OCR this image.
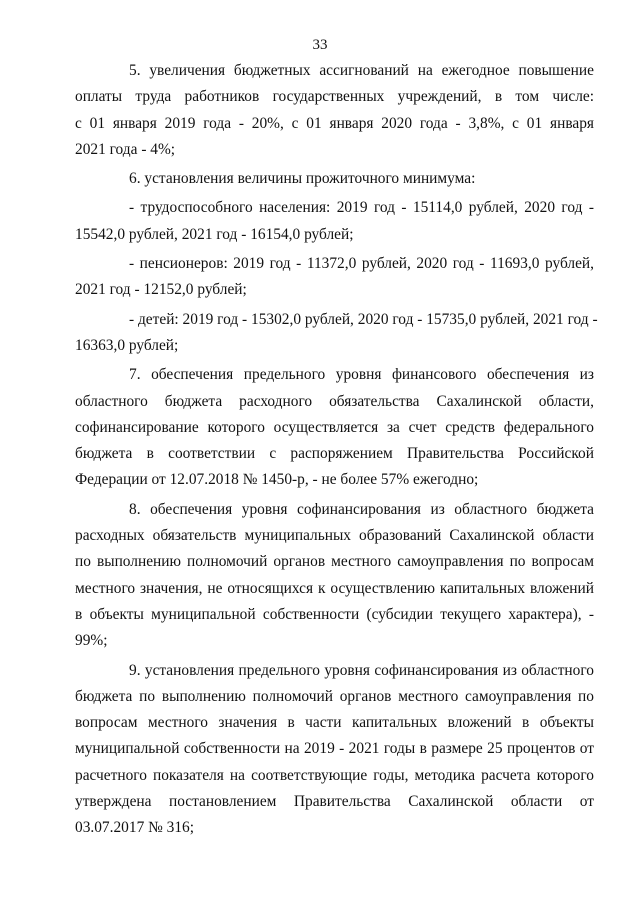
33
5. увеличения бюджетных ассигнований на ежегодное повышение
оплаты труда работников государственных учреждений, в том числе:
с 01 января 2019 года - 20%, с 01 января 2020 года - 3,8%, с 01 января
2021 года - 4%;
6. установления величины прожиточного минимума:
- трудоспособного населения: 2019 год - 15114,0 рублей, 2020 год -
15542,0 рублей, 2021 год - 16154,0 рублей;
- пенсионеров: 2019 год - 11372,0 рублей, 2020 год - 11693,0 рублей,
2021 год - 12152,0 рублей;
- детей: 2019 год - 15302,0 рублей, 2020 год - 15735,0 рублей, 2021 год -
16363,0 рублей;
7. обеспечения предельного уровня финансового обеспечения из
областного бюджета расходного обязательства Сахалинской области,
софинансирование которого осуществляется за счет средств федерального
бюджета в соответствии с распоряжением Правительства Российской
Федерации от 12.07.2018 № 1450-р, - не более 57% ежегодно;
8. обеспечения уровня софинансирования из областного бюджета
расходных обязательств муниципальных образований Сахалинской области
по выполнению полномочий органов местного самоуправления по вопросам
местного значения, не относящихся к осуществлению капитальных вложений
в объекты муниципальной собственности (субсидии текущего характера), -
99%;
9. установления предельного уровня софинансирования из областного
бюджета по выполнению полномочий органов местного самоуправления по
вопросам местного значения в части капитальных вложений в объекты
муниципальной собственности на 2019 - 2021 годы в размере 25 процентов от
расчетного показателя на соответствующие годы, методика расчета которого
утверждена постановлением Правительства Сахалинской области от
03.07.2017 № 316;
